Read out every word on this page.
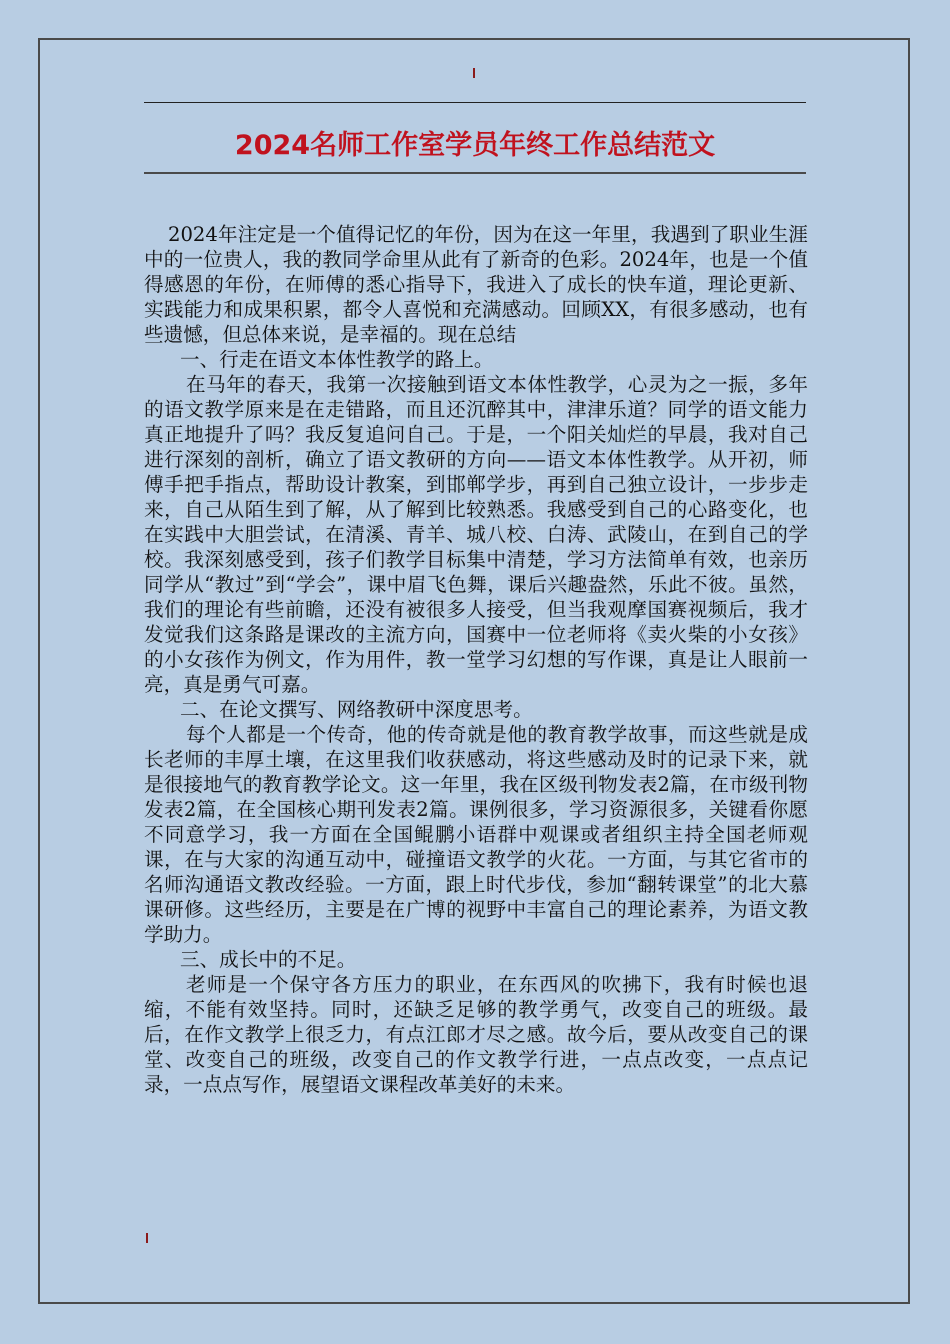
2024名师工作室学员年终工作总结范文

2024年注定是一个值得记忆的年份，因为在这一年里，我遇到了职业生涯中的一位贵人，我的教同学命里从此有了新奇的色彩。2024年，也是一个值得感恩的年份，在师傅的悉心指导下，我进入了成长的快车道，理论更新、实践能力和成果积累，都令人喜悦和充满感动。回顾XX，有很多感动，也有些遗憾，但总体来说，是幸福的。现在总结

一、行走在语文本体性教学的路上。

在马年的春天，我第一次接触到语文本体性教学，心灵为之一振，多年的语文教学原来是在走错路，而且还沉醉其中，津津乐道？同学的语文能力真正地提升了吗？我反复追问自己。于是，一个阳关灿烂的早晨，我对自己进行深刻的剖析，确立了语文教研的方向——语文本体性教学。从开初，师傅手把手指点，帮助设计教案，到邯郸学步，再到自己独立设计，一步步走来，自己从陌生到了解，从了解到比较熟悉。我感受到自己的心路变化，也在实践中大胆尝试，在清溪、青羊、城八校、白涛、武陵山，在到自己的学校。我深刻感受到，孩子们教学目标集中清楚，学习方法简单有效，也亲历同学从“教过”到“学会”，课中眉飞色舞，课后兴趣盎然，乐此不彼。虽然，我们的理论有些前瞻，还没有被很多人接受，但当我观摩国赛视频后，我才发觉我们这条路是课改的主流方向，国赛中一位老师将《卖火柴的小女孩》的小女孩作为例文，作为用件，教一堂学习幻想的写作课，真是让人眼前一亮，真是勇气可嘉。

二、在论文撰写、网络教研中深度思考。

每个人都是一个传奇，他的传奇就是他的教育教学故事，而这些就是成长老师的丰厚土壤，在这里我们收获感动，将这些感动及时的记录下来，就是很接地气的教育教学论文。这一年里，我在区级刊物发表2篇，在市级刊物发表2篇，在全国核心期刊发表2篇。课例很多，学习资源很多，关键看你愿不同意学习，我一方面在全国鲲鹏小语群中观课或者组织主持全国老师观课，在与大家的沟通互动中，碰撞语文教学的火花。一方面，与其它省市的名师沟通语文教改经验。一方面，跟上时代步伐，参加“翻转课堂”的北大慕课研修。这些经历，主要是在广博的视野中丰富自己的理论素养，为语文教学助力。

三、成长中的不足。

老师是一个保守各方压力的职业，在东西风的吹拂下，我有时候也退缩，不能有效坚持。同时，还缺乏足够的教学勇气，改变自己的班级。最后，在作文教学上很乏力，有点江郎才尽之感。故今后，要从改变自己的课堂、改变自己的班级，改变自己的作文教学行进，一点点改变，一点点记录，一点点写作，展望语文课程改革美好的未来。
